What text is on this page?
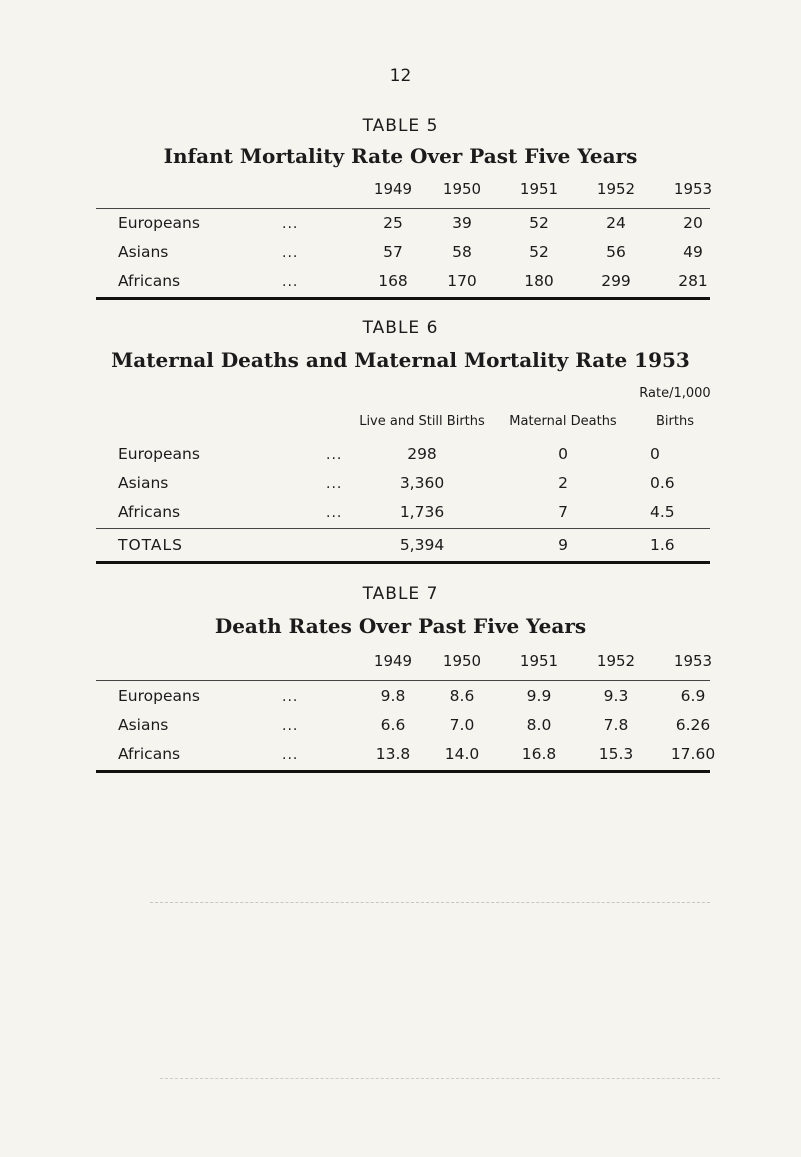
12
TABLE 5
Infant Mortality Rate Over Past Five Years
1949	1950	1951	1952	1953
Europeans	...	25	39	52	24	20
Asians	...	57	58	52	56	49
Africans	...	168	170	180	299	281
TABLE 6
Maternal Deaths and Maternal Mortality Rate 1953
Rate/1,000
Live and Still Births	Maternal Deaths	Births
Europeans	...	298	0	0
Asians	...	3,360	2	0.6
Africans	...	1,736	7	4.5
TOTALS	5,394	9	1.6
TABLE 7
Death Rates Over Past Five Years
1949	1950	1951	1952	1953
Europeans	...	9.8	8.6	9.9	9.3	6.9
Asians	...	6.6	7.0	8.0	7.8	6.26
Africans	...	13.8	14.0	16.8	15.3	17.60
